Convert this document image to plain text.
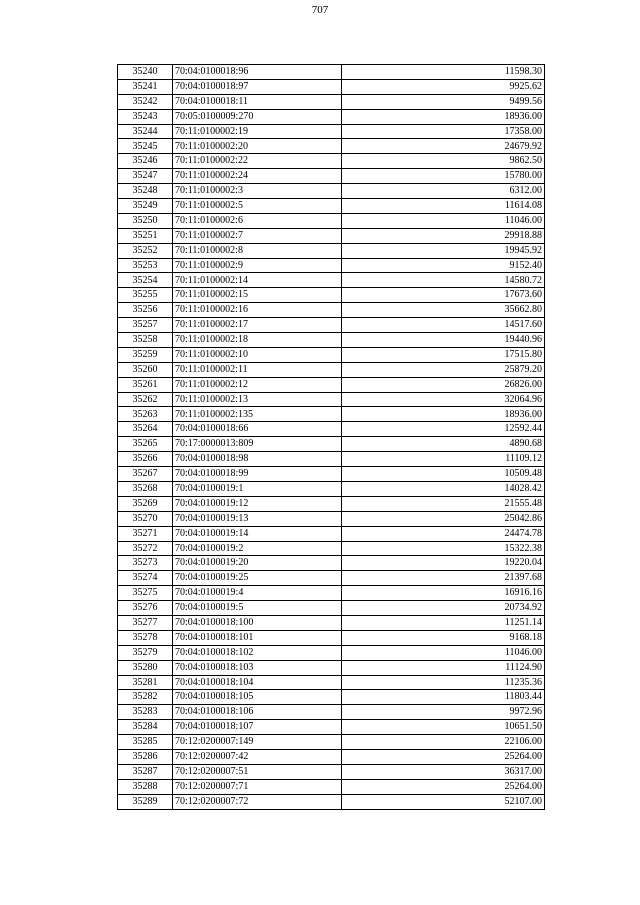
707
35240	70:04:0100018:96	11598.30
35241	70:04:0100018:97	9925.62
35242	70:04:0100018:11	9499.56
35243	70:05:0100009:270	18936.00
35244	70:11:0100002:19	17358.00
35245	70:11:0100002:20	24679.92
35246	70:11:0100002:22	9862.50
35247	70:11:0100002:24	15780.00
35248	70:11:0100002:3	6312.00
35249	70:11:0100002:5	11614.08
35250	70:11:0100002:6	11046.00
35251	70:11:0100002:7	29918.88
35252	70:11:0100002:8	19945.92
35253	70:11:0100002:9	9152.40
35254	70:11:0100002:14	14580.72
35255	70:11:0100002:15	17673.60
35256	70:11:0100002:16	35662.80
35257	70:11:0100002:17	14517.60
35258	70:11:0100002:18	19440.96
35259	70:11:0100002:10	17515.80
35260	70:11:0100002:11	25879.20
35261	70:11:0100002:12	26826.00
35262	70:11:0100002:13	32064.96
35263	70:11:0100002:135	18936.00
35264	70:04:0100018:66	12592.44
35265	70:17:0000013:809	4890.68
35266	70:04:0100018:98	11109.12
35267	70:04:0100018:99	10509.48
35268	70:04:0100019:1	14028.42
35269	70:04:0100019:12	21555.48
35270	70:04:0100019:13	25042.86
35271	70:04:0100019:14	24474.78
35272	70:04:0100019:2	15322.38
35273	70:04:0100019:20	19220.04
35274	70:04:0100019:25	21397.68
35275	70:04:0100019:4	16916.16
35276	70:04:0100019:5	20734.92
35277	70:04:0100018:100	11251.14
35278	70:04:0100018:101	9168.18
35279	70:04:0100018:102	11046.00
35280	70:04:0100018:103	11124.90
35281	70:04:0100018:104	11235.36
35282	70:04:0100018:105	11803.44
35283	70:04:0100018:106	9972.96
35284	70:04:0100018:107	10651.50
35285	70:12:0200007:149	22106.00
35286	70:12:0200007:42	25264.00
35287	70:12:0200007:51	36317.00
35288	70:12:0200007:71	25264.00
35289	70:12:0200007:72	52107.00
